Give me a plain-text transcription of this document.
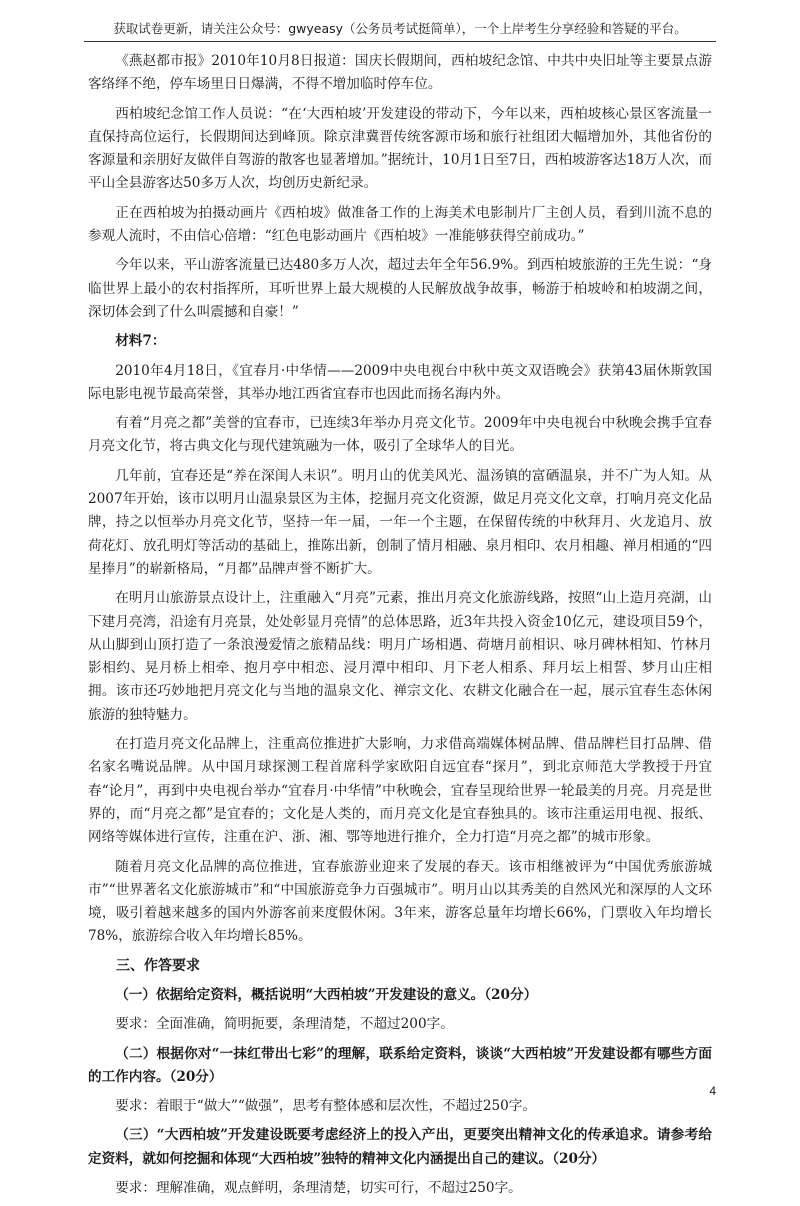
获取试卷更新，请关注公众号：gwyeasy（公务员考试挺简单），一个上岸考生分享经验和答疑的平台。

《燕赵都市报》2010年10月8日报道：国庆长假期间，西柏坡纪念馆、中共中央旧址等主要景点游客络绎不绝，停车场里日日爆满，不得不增加临时停车位。

西柏坡纪念馆工作人员说：“在‘大西柏坡’开发建设的带动下，今年以来，西柏坡核心景区客流量一直保持高位运行，长假期间达到峰顶。除京津冀晋传统客源市场和旅行社组团大幅增加外，其他省份的客源量和亲朋好友做伴自驾游的散客也显著增加。”据统计，10月1日至7日，西柏坡游客达18万人次，而平山全县游客达50多万人次，均创历史新纪录。

正在西柏坡为拍摄动画片《西柏坡》做准备工作的上海美术电影制片厂主创人员，看到川流不息的参观人流时，不由信心倍增：“红色电影动画片《西柏坡》一准能够获得空前成功。”

今年以来，平山游客流量已达480多万人次，超过去年全年56.9%。到西柏坡旅游的王先生说：“身临世界上最小的农村指挥所，耳听世界上最大规模的人民解放战争故事，畅游于柏坡岭和柏坡湖之间，深切体会到了什么叫震撼和自豪！”

材料7：

2010年4月18日，《宜春月·中华情——2009中央电视台中秋中英文双语晚会》获第43届休斯敦国际电影电视节最高荣誉，其举办地江西省宜春市也因此而扬名海内外。

有着“月亮之都”美誉的宜春市，已连续3年举办月亮文化节。2009年中央电视台中秋晚会携手宜春月亮文化节，将古典文化与现代建筑融为一体，吸引了全球华人的目光。

几年前，宜春还是“养在深闺人未识”。明月山的优美风光、温汤镇的富硒温泉，并不广为人知。从2007年开始，该市以明月山温泉景区为主体，挖掘月亮文化资源，做足月亮文化文章，打响月亮文化品牌，持之以恒举办月亮文化节，坚持一年一届，一年一个主题，在保留传统的中秋拜月、火龙追月、放荷花灯、放孔明灯等活动的基础上，推陈出新，创制了情月相融、泉月相印、农月相趣、禅月相通的“四星捧月”的崭新格局，“月都”品牌声誉不断扩大。

在明月山旅游景点设计上，注重融入“月亮”元素，推出月亮文化旅游线路，按照“山上造月亮湖，山下建月亮湾，沿途有月亮景，处处彰显月亮情”的总体思路，近3年共投入资金10亿元，建设项目59个，从山脚到山顶打造了一条浪漫爱情之旅精品线：明月广场相遇、荷塘月前相识、咏月碑林相知、竹林月影相约、晃月桥上相牵、抱月亭中相恋、浸月潭中相印、月下老人相系、拜月坛上相誓、梦月山庄相拥。该市还巧妙地把月亮文化与当地的温泉文化、禅宗文化、农耕文化融合在一起，展示宜春生态休闲旅游的独特魅力。

在打造月亮文化品牌上，注重高位推进扩大影响，力求借高端媒体树品牌、借品牌栏目打品牌、借名家名嘴说品牌。从中国月球探测工程首席科学家欧阳自远宜春“探月”，到北京师范大学教授于丹宜春“论月”，再到中央电视台举办“宜春月·中华情”中秋晚会，宜春呈现给世界一轮最美的月亮。月亮是世界的，而“月亮之都”是宜春的；文化是人类的，而月亮文化是宜春独具的。该市注重运用电视、报纸、网络等媒体进行宣传，注重在沪、浙、湘、鄂等地进行推介，全力打造“月亮之都”的城市形象。

随着月亮文化品牌的高位推进，宜春旅游业迎来了发展的春天。该市相继被评为“中国优秀旅游城市”“世界著名文化旅游城市”和“中国旅游竞争力百强城市”。明月山以其秀美的自然风光和深厚的人文环境，吸引着越来越多的国内外游客前来度假休闲。3年来，游客总量年均增长66%，门票收入年均增长78%，旅游综合收入年均增长85%。

三、作答要求

（一）依据给定资料，概括说明“大西柏坡”开发建设的意义。（20分）

要求：全面准确，简明扼要，条理清楚，不超过200字。

（二）根据你对“一抹红带出七彩”的理解，联系给定资料，谈谈“大西柏坡”开发建设都有哪些方面的工作内容。（20分）

要求：着眼于“做大”“做强”，思考有整体感和层次性，不超过250字。

（三）“大西柏坡”开发建设既要考虑经济上的投入产出，更要突出精神文化的传承追求。请参考给定资料，就如何挖掘和体现“大西柏坡”独特的精神文化内涵提出自己的建议。（20分）

要求：理解准确，观点鲜明，条理清楚，切实可行，不超过250字。

4
